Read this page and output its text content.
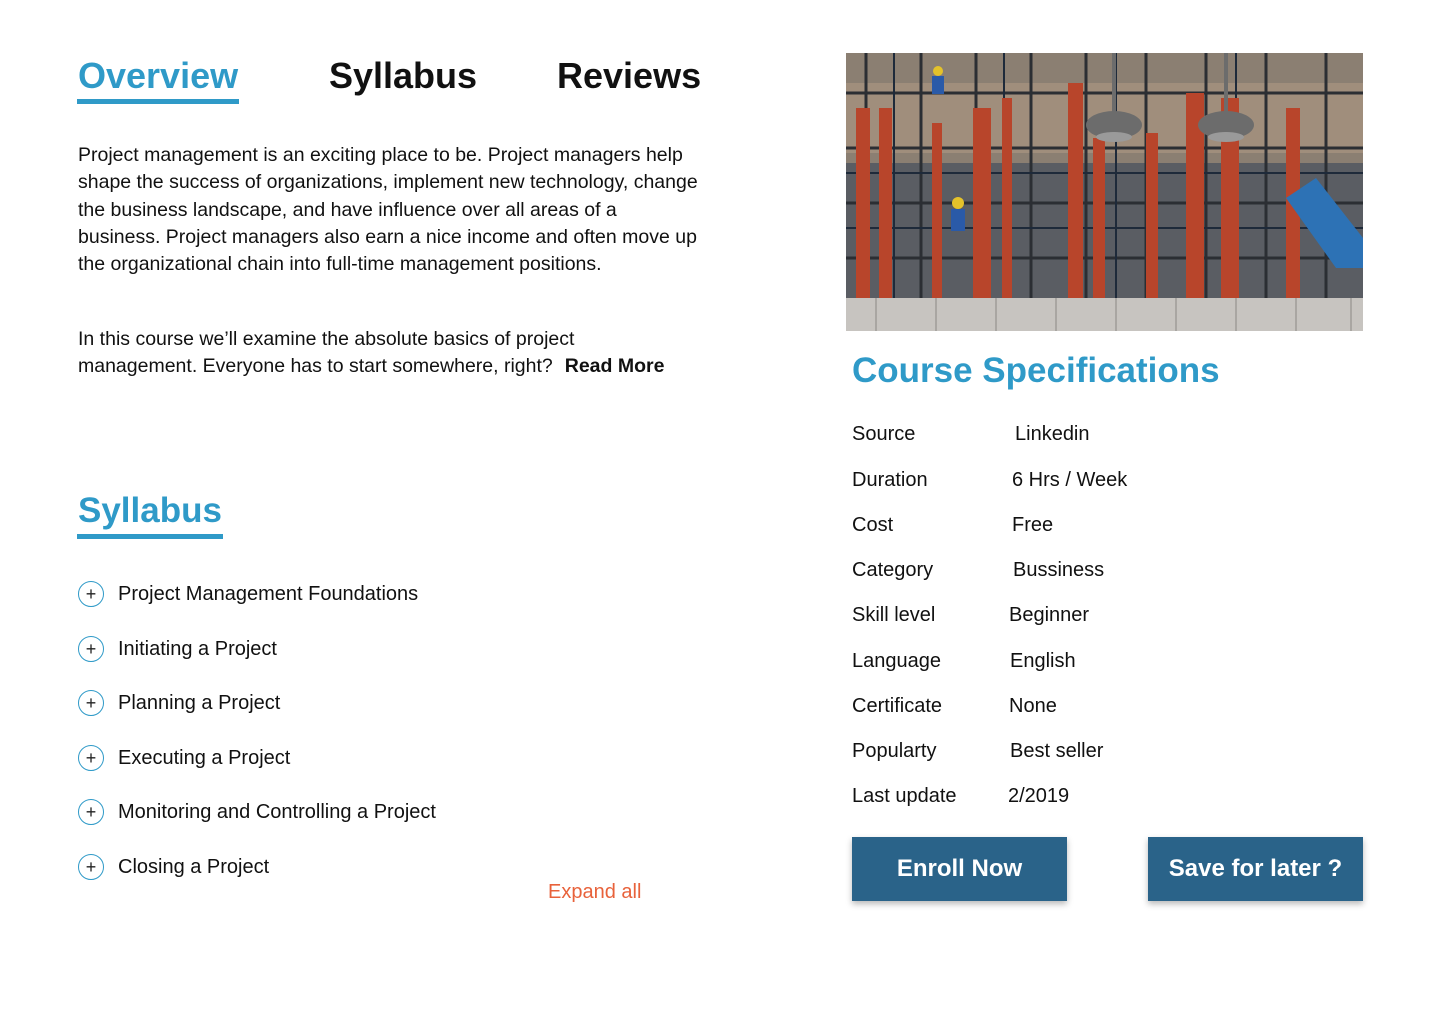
Overview	Syllabus Reviews

Project management is an exciting place to be. Project managers help shape the success of organizations, implement new technology, change the business landscape, and have influence over all areas of a business. Project managers also earn a nice income and often move up the organizational chain into full-time management positions.

In this course we’ll examine the absolute basics of project management. Everyone has to start somewhere, right? Read More

Syllabus
+	Project Management Foundations
+	Initiating a Project
+	Planning a Project
+	Executing a Project
+	Monitoring and Controlling a Project
+	Closing a Project
Expand all
Course Specifications
Source	Linkedin
Duration	6 Hrs / Week
Cost	Free
Category	Bussiness
Skill level	Beginner
Language	English
Certificate	None
Popularty	Best seller
Last update	2/2019
Enroll Now	Save for later ?
